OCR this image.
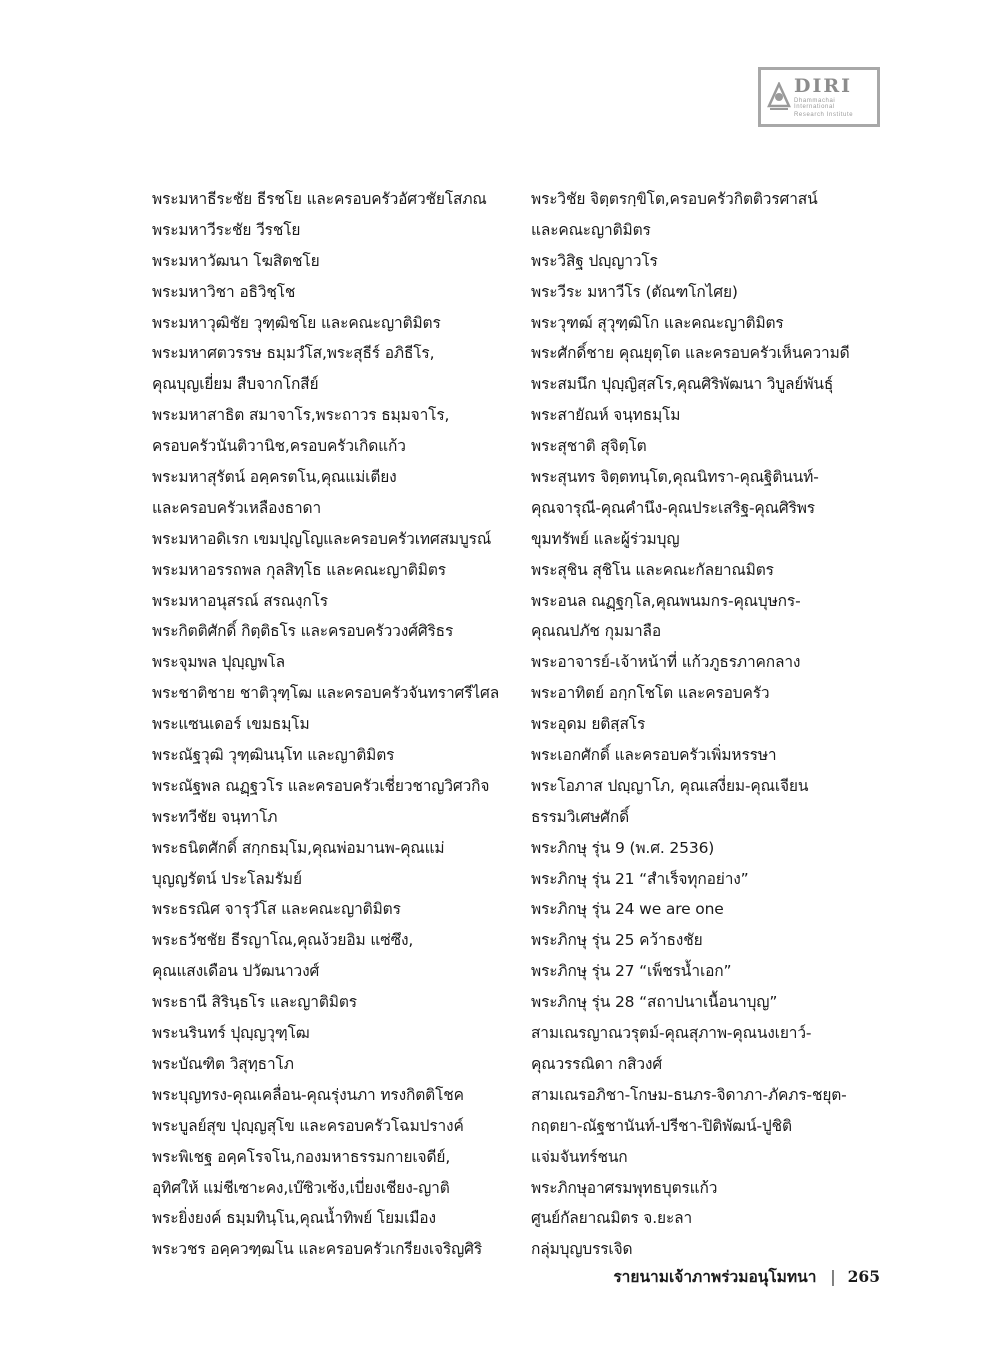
DIRI
Dhammachai International
Research Institute
พระมหาธีระชัย ธีรชโย และครอบครัวอัศวชัยโสภณ
พระมหาวีระชัย วีรชโย
พระมหาวัฒนา โฆสิตชโย
พระมหาวิชา อธิวิชฺโช
พระมหาวุฒิชัย วุฑฺฒิชโย และคณะญาติมิตร
พระมหาศตวรรษ ธมฺมวํโส,พระสุธีร์ อภิธีโร,
คุณบุญเยี่ยม สืบจากโกสีย์
พระมหาสาธิต สมาจาโร,พระถาวร ธมฺมจาโร,
ครอบครัวนันติวานิช,ครอบครัวเกิดแก้ว
พระมหาสุรัตน์ อคฺครตโน,คุณแม่เตียง
และครอบครัวเหลืองธาดา
พระมหาอดิเรก เขมปุญโญและครอบครัวเทศสมบูรณ์
พระมหาอรรถพล กุลสิทฺโธ และคณะญาติมิตร
พระมหาอนุสรณ์ สรณงฺกโร
พระกิตติศักดิ์ กิตฺติธโร และครอบครัววงศ์ศิริธร
พระจุมพล ปุญฺญพโล
พระชาติชาย ชาติวุฑฺโฒ และครอบครัวจันทราศรีไศล
พระแซนเดอร์ เขมธมฺโม
พระณัฐวุฒิ วุฑฺฒินนฺโท และญาติมิตร
พระณัฐพล ณฏฺฐวโร และครอบครัวเชี่ยวชาญวิศวกิจ
พระทวีชัย จนฺทาโภ
พระธนิตศักดิ์ สกฺกธมฺโม,คุณพ่อมานพ-คุณแม่
บุญญรัตน์ ประโลมรัมย์
พระธรณิศ จารุวํโส และคณะญาติมิตร
พระธวัชชัย ธีรญาโณ,คุณง้วยอิม แซ่ซึง,
คุณแสงเดือน ปวัฒนาวงศ์
พระธานี สิรินฺธโร และญาติมิตร
พระนรินทร์ ปุญฺญวุฑฺโฒ
พระบัณฑิต วิสุทฺธาโภ
พระบุญทรง-คุณเคลื่อน-คุณรุ่งนภา ทรงกิตติโชค
พระบูลย์สุข ปุญฺญสุโข และครอบครัวโฉมปรางค์
พระพิเชฐ อคฺคโรจโน,กองมหาธรรมกายเจดีย์,
อุทิศให้ แม่ชีเซาะคง,เบ๊ซิวเซ้ง,เบี่ยงเชียง-ญาติ
พระยิ่งยงค์ ธมฺมทินฺโน,คุณน้ำทิพย์ โยมเมือง
พระวชร อคฺควฑฺฒโน และครอบครัวเกรียงเจริญศิริ
พระวิชัย จิตฺตรกฺขิโต,ครอบครัวกิตติวรศาสน์
และคณะญาติมิตร
พระวิสิฐ ปญฺญาวโร
พระวีระ มหาวีโร (ตัณฑโกไศย)
พระวุฑฒ์ สุวุฑฺฒิโก และคณะญาติมิตร
พระศักดิ์ชาย คุณยุตฺโต และครอบครัวเห็นความดี
พระสมนึก ปุญฺญิสฺสโร,คุณศิริพัฒนา วิบูลย์พันธุ์
พระสายัณห์ จนฺทธมฺโม
พระสุชาติ สุจิตฺโต
พระสุนทร จิตฺตทนฺโต,คุณนิทรา-คุณฐิตินนท์-
คุณจารุณี-คุณคำนึง-คุณประเสริฐ-คุณศิริพร
ขุมทรัพย์ และผู้ร่วมบุญ
พระสุชิน สุชิโน และคณะกัลยาณมิตร
พระอนล ณฏฺฐกฺโล,คุณพนมกร-คุณบุษกร-
คุณณปภัช กุมมาลือ
พระอาจารย์-เจ้าหน้าที่ แก้วภูธรภาคกลาง
พระอาทิตย์ อกฺกโชโต และครอบครัว
พระอุดม ยติสฺสโร
พระเอกศักดิ์ และครอบครัวเพิ่มหรรษา
พระโอภาส ปญฺญาโภ, คุณเสงี่ยม-คุณเจียน
ธรรมวิเศษศักดิ์
พระภิกษุ รุ่น 9 (พ.ศ. 2536)
พระภิกษุ รุ่น 21 “สำเร็จทุกอย่าง”
พระภิกษุ รุ่น 24 we are one
พระภิกษุ รุ่น 25 คว้าธงชัย
พระภิกษุ รุ่น 27 “เพ็ชรน้ำเอก”
พระภิกษุ รุ่น 28 “สถาปนาเนื้อนาบุญ”
สามเณรญาณวรุตม์-คุณสุภาพ-คุณนงเยาว์-
คุณวรรณิดา กสิวงศ์
สามเณรอภิชา-โกษม-ธนภร-จิดาภา-ภัคภร-ชยุต-
กฤตยา-ณัฐชานันท์-ปรีชา-ปิติพัฒน์-ปูชิติ
แจ่มจันทร์ชนก
พระภิกษุอาศรมพุทธบุตรแก้ว
ศูนย์กัลยาณมิตร จ.ยะลา
กลุ่มบุญบรรเจิด
รายนามเจ้าภาพร่วมอนุโมทนา | 265
